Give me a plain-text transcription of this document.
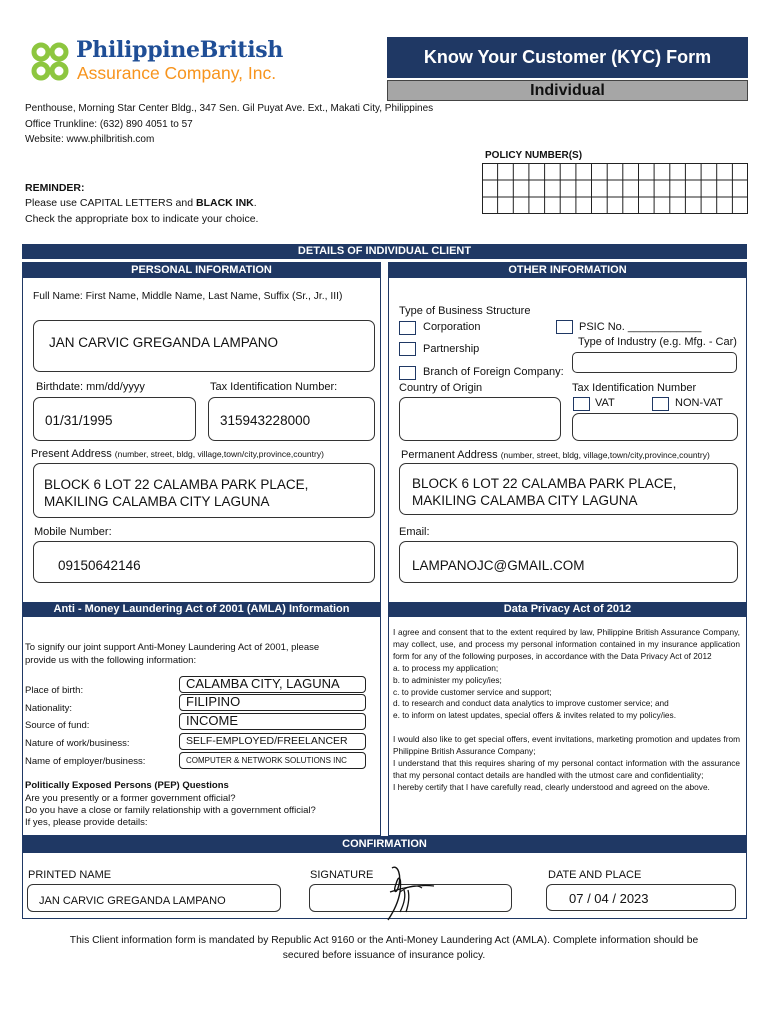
PhilippineBritish
Assurance Company, Inc.
Know Your Customer (KYC) Form
Individual
Penthouse, Morning Star Center Bldg., 347 Sen. Gil Puyat Ave. Ext., Makati City, Philippines
Office Trunkline: (632) 890 4051 to 57
Website: www.philbritish.com
POLICY NUMBER(S)
REMINDER:
Please use CAPITAL LETTERS and BLACK INK.
Check the appropriate box to indicate your choice.
DETAILS OF INDIVIDUAL CLIENT
PERSONAL INFORMATION	OTHER INFORMATION
Full Name: First Name, Middle Name, Last Name, Suffix (Sr., Jr., III)
JAN CARVIC GREGANDA LAMPANO
Birthdate: mm/dd/yyyy	Tax Identification Number:
01/31/1995	315943228000
Present Address (number, street, bldg, village,town/city,province,country)
BLOCK 6 LOT 22 CALAMBA PARK PLACE,
MAKILING CALAMBA CITY LAGUNA
Mobile Number:
09150642146
Type of Business Structure
Corporation	PSIC No. ____________
Type of Industry (e.g. Mfg. - Car)
Partnership
Branch of Foreign Company:
Country of Origin	Tax Identification Number
VAT	NON-VAT
Permanent Address (number, street, bldg, village,town/city,province,country)
BLOCK 6 LOT 22 CALAMBA PARK PLACE,
MAKILING CALAMBA CITY LAGUNA
Email:
LAMPANOJC@GMAIL.COM
Anti - Money Laundering Act of 2001 (AMLA) Information
To signify our joint support Anti-Money Laundering Act of 2001, please
provide us with the following information:
Place of birth:	CALAMBA CITY, LAGUNA
Nationality:	FILIPINO
Source of fund:	INCOME
Nature of work/business:	SELF-EMPLOYED/FREELANCER
Name of employer/business:	COMPUTER & NETWORK SOLUTIONS INC
Politically Exposed Persons (PEP) Questions
Are you presently or a former government official?
Do you have a close or family relationship with a government official?
If yes, please provide details:
Data Privacy Act of 2012

I agree and consent that to the extent required by law, Philippine British Assurance Company, may collect, use, and process my personal information contained in my insurance application form for any of the following purposes, in accordance with the Data Privacy Act of 2012

a. to process my application;

b. to administer my policy/ies;

c. to provide customer service and support;

d. to research and conduct data analytics to improve customer service; and

e. to inform on latest updates, special offers & invites related to my policy/ies.

I would also like to get special offers, event invitations, marketing promotion and updates from Philippine British Assurance Company;

I understand that this requires sharing of my personal contact information with the assurance that my personal contact details are handled with the utmost care and confidentiality;

I hereby certify that I have carefully read, clearly understood and agreed on the above.

CONFIRMATION
PRINTED NAME
JAN CARVIC GREGANDA LAMPANO
SIGNATURE	DATE AND PLACE
07 / 04 / 2023
This Client information form is mandated by Republic Act 9160 or the Anti-Money Laundering Act (AMLA). Complete information should be
secured before issuance of insurance policy.
